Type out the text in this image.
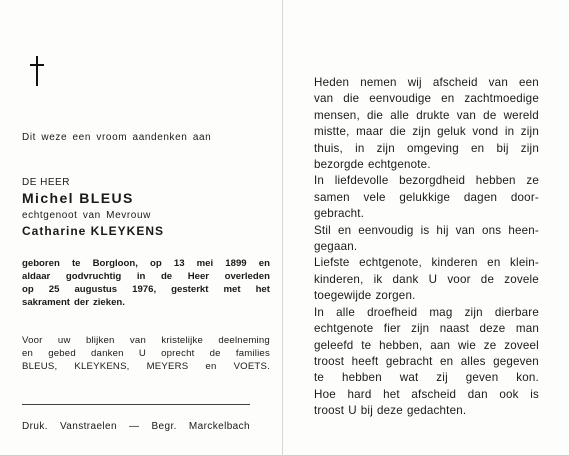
Dit weze een vroom aandenken aan
DE HEER
Michel BLEUS
echtgenoot van Mevrouw
Catharine KLEYKENS
geboren te Borgloon, op 13 mei 1899 en
aldaar godvruchtig in de Heer overleden
op 25 augustus 1976, gesterkt met het
sakrament der zieken.
Voor uw blijken van kristelijke deelneming
en gebed danken U oprecht de families
BLEUS, KLEYKENS, MEYERS en VOETS.
Druk. Vanstraelen — Begr. Marckelbach
Heden nemen wij afscheid van een
van die eenvoudige en zachtmoedige
mensen, die alle drukte van de wereld
mistte, maar die zijn geluk vond in zijn
thuis, in zijn omgeving en bij zijn
bezorgde echtgenote.
In liefdevolle bezorgdheid hebben ze
samen vele gelukkige dagen door-
gebracht.
Stil en eenvoudig is hij van ons heen-
gegaan.
Liefste echtgenote, kinderen en klein-
kinderen, ik dank U voor de zovele
toegewijde zorgen.
In alle droefheid mag zijn dierbare
echtgenote fier zijn naast deze man
geleefd te hebben, aan wie ze zoveel
troost heeft gebracht en alles gegeven
te hebben wat zij geven kon.
Hoe hard het afscheid dan ook is
troost U bij deze gedachten.
